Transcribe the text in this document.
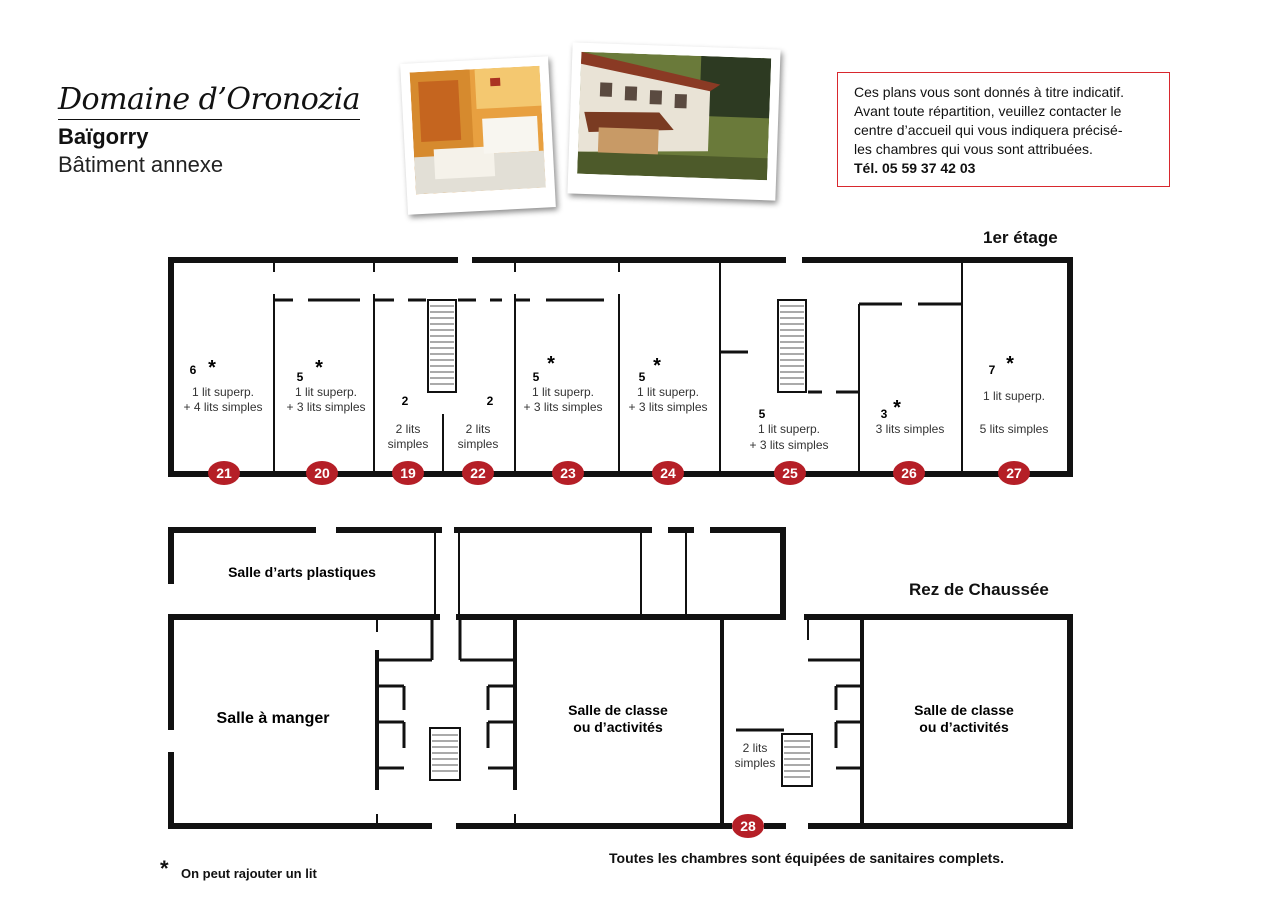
Domaine d’Oronozia
Baïgorry
Bâtiment annexe
Ces plans vous sont donnés à titre indicatif.
Avant toute répartition, veuillez contacter le
centre d’accueil qui vous indiquera précisé-
les chambres qui vous sont attribuées.
Tél. 05 59 37 42 03
1er étage
Rez de Chaussée
6 *
1 lit superp.
+ 4 lits simples
5 *
1 lit superp.
+ 3 lits simples	2
2 lits
simples
2
2 lits
simples
5
*
1 lit superp.
+ 3 lits simples
5 *
1 lit superp.
+ 3 lits simples	5
1 lit superp.
+ 3 lits simples
3 *
3 lits simples
7 *
1 lit superp.
5 lits simples
21	20	19	22	23	24	25	26	27
Salle d’arts plastiques
Salle à manger	Salle de classe
ou d’activités
Salle de classe
ou d’activités
2 lits
simples
28
Toutes les chambres sont équipées de sanitaires complets.
* On peut rajouter un lit
